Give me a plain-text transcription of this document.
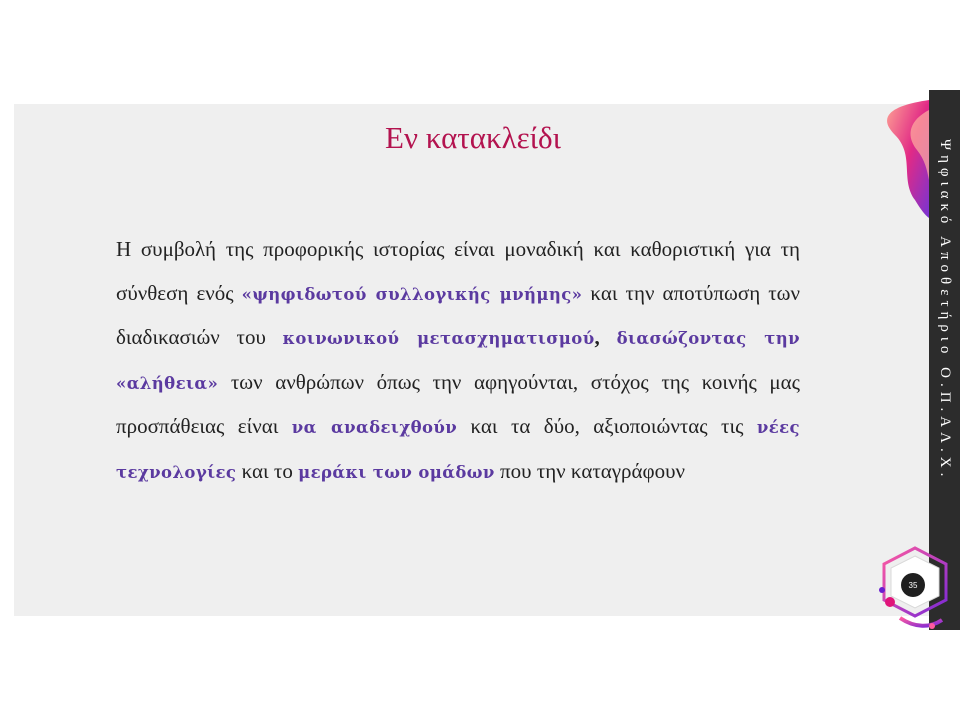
Εν κατακλείδι
Η συμβολή της προφορικής ιστορίας είναι μοναδική και καθοριστική για τη σύνθεση ενός «ψηφιδωτού συλλογικής μνήμης» και την αποτύπωση των διαδικασιών του κοινωνικού μετασχηματισμού, διασώζοντας την «αλήθεια» των ανθρώπων όπως την αφηγούνται, στόχος της κοινής μας προσπάθειας είναι να αναδειχθούν και τα δύο, αξιοποιώντας τις νέες τεχνολογίες και το μεράκι των ομάδων που την καταγράφουν	Ψηφιακό Αποθετήριο Ο.Π.ΑΛ.Χ.
35
